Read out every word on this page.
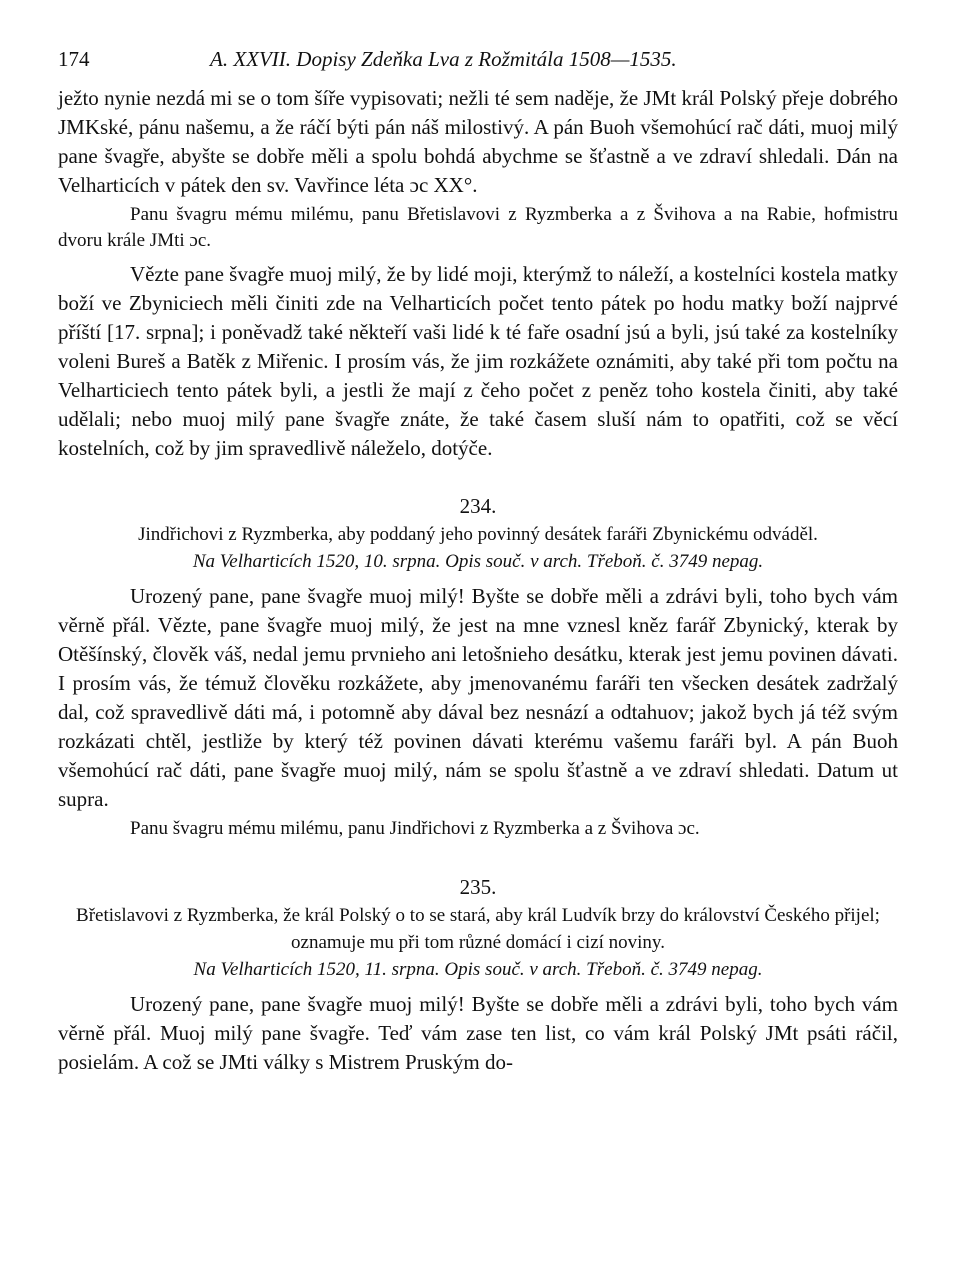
174	A. XXVII. Dopisy Zdeňka Lva z Rožmitála 1508—1535.

ježto nynie nezdá mi se o tom šíře vypisovati; nežli té sem naděje, že JMt král Polský přeje dobrého JMKské, pánu našemu, a že ráčí býti pán náš milostivý. A pán Buoh všemohúcí rač dáti, muoj milý pane švagře, abyšte se dobře měli a spolu bohdá abychme se šťastně a ve zdraví shledali. Dán na Velharticích v pátek den sv. Vavřince léta ɔc XX°.

Panu švagru mému milému, panu Břetislavovi z Ryzmberka a z Švihova a na Rabie, hofmistru dvoru krále JMti ɔc.

Vězte pane švagře muoj milý, že by lidé moji, kterýmž to náleží, a kostelníci kostela matky boží ve Zbyniciech měli činiti zde na Velharticích počet tento pátek po hodu matky boží najprvé příští [17. srpna]; i poněvadž také někteří vaši lidé k té faře osadní jsú a byli, jsú také za kostelníky voleni Bureš a Batěk z Miřenic. I prosím vás, že jim rozkážete oznámiti, aby také při tom počtu na Velharticiech tento pátek byli, a jestli že mají z čeho počet z peněz toho kostela činiti, aby také udělali; nebo muoj milý pane švagře znáte, že také časem sluší nám to opatřiti, což se věcí kostelních, což by jim spravedlivě náleželo, dotýče.

234.

Jindřichovi z Ryzmberka, aby poddaný jeho povinný desátek faráři Zbynickému odváděl.

Na Velharticích 1520, 10. srpna. Opis souč. v arch. Třeboň. č. 3749 nepag.

Urozený pane, pane švagře muoj milý! Byšte se dobře měli a zdrávi byli, toho bych vám věrně přál. Vězte, pane švagře muoj milý, že jest na mne vznesl kněz farář Zbynický, kterak by Otěšínský, člověk váš, nedal jemu prvnieho ani letošnieho desátku, kterak jest jemu povinen dávati. I prosím vás, že témuž člověku rozkážete, aby jmenovanému faráři ten všecken desátek zadržalý dal, což spravedlivě dáti má, i potomně aby dával bez nesnází a odtahuov; jakož bych já též svým rozkázati chtěl, jestliže by který též povinen dávati kterému vašemu faráři byl. A pán Buoh všemohúcí rač dáti, pane švagře muoj milý, nám se spolu šťastně a ve zdraví shledati. Datum ut supra.

Panu švagru mému milému, panu Jindřichovi z Ryzmberka a z Švihova ɔc.

235.

Břetislavovi z Ryzmberka, že král Polský o to se stará, aby král Ludvík brzy do království Českého přijel; oznamuje mu při tom různé domácí i cizí noviny.

Na Velharticích 1520, 11. srpna. Opis souč. v arch. Třeboň. č. 3749 nepag.

Urozený pane, pane švagře muoj milý! Byšte se dobře měli a zdrávi byli, toho bych vám věrně přál. Muoj milý pane švagře. Teď vám zase ten list, co vám král Polský JMt psáti ráčil, posielám. A což se JMti války s Mistrem Pruským do-
